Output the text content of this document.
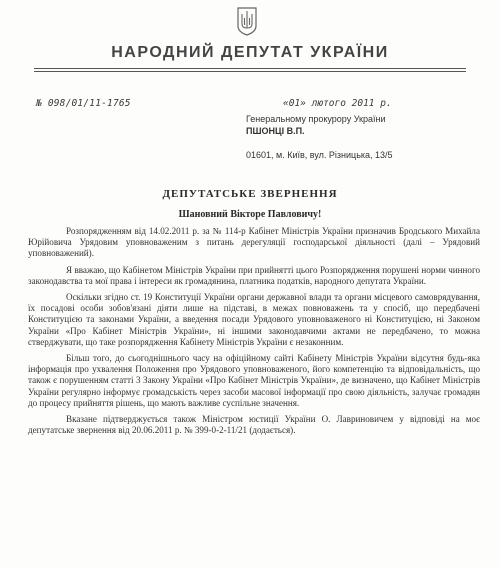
НАРОДНИЙ ДЕПУТАТ УКРАЇНИ
№ 098/01/11-1765	«01» лютого 2011 р.
Генеральному прокурору України
ПШОНЦІ В.П.
01601, м. Київ, вул. Різницька, 13/5
ДЕПУТАТСЬКЕ ЗВЕРНЕННЯ
Шановний Вікторе Павловичу!

Розпорядженням від 14.02.2011 р. за № 114-р Кабінет Міністрів України призначив Бродського Михайла Юрійовича Урядовим уповноваженим з питань дерегуляції господарської діяльності (далі – Урядовий уповноважений).

Я вважаю, що Кабінетом Міністрів України при прийнятті цього Розпорядження порушені норми чинного законодавства та мої права і інтереси як громадянина, платника податків, народного депутата України.

Оскільки згідно ст. 19 Конституції України органи державної влади та органи місцевого самоврядування, їх посадові особи зобов'язані діяти лише на підставі, в межах повноважень та у спосіб, що передбачені Конституцією та законами України, а введення посади Урядового уповноваженого ні Конституцією, ні Законом України «Про Кабінет Міністрів України», ні іншими законодавчими актами не передбачено, то можна стверджувати, що таке розпорядження Кабінету Міністрів України є незаконним.

Більш того, до сьогоднішнього часу на офіційному сайті Кабінету Міністрів України відсутня будь-яка інформація про ухвалення Положення про Урядового уповноваженого, його компетенцію та відповідальність, що також є порушенням статті 3 Закону України «Про Кабінет Міністрів України», де визначено, що Кабінет Міністрів України регулярно інформує громадськість через засоби масової інформації про свою діяльність, залучає громадян до процесу прийняття рішень, що мають важливе суспільне значення.

Вказане підтверджується також Міністром юстиції України О. Лавриновичем у відповіді на моє депутатське звернення від 20.06.2011 р. № 399-0-2-11/21 (додається).
